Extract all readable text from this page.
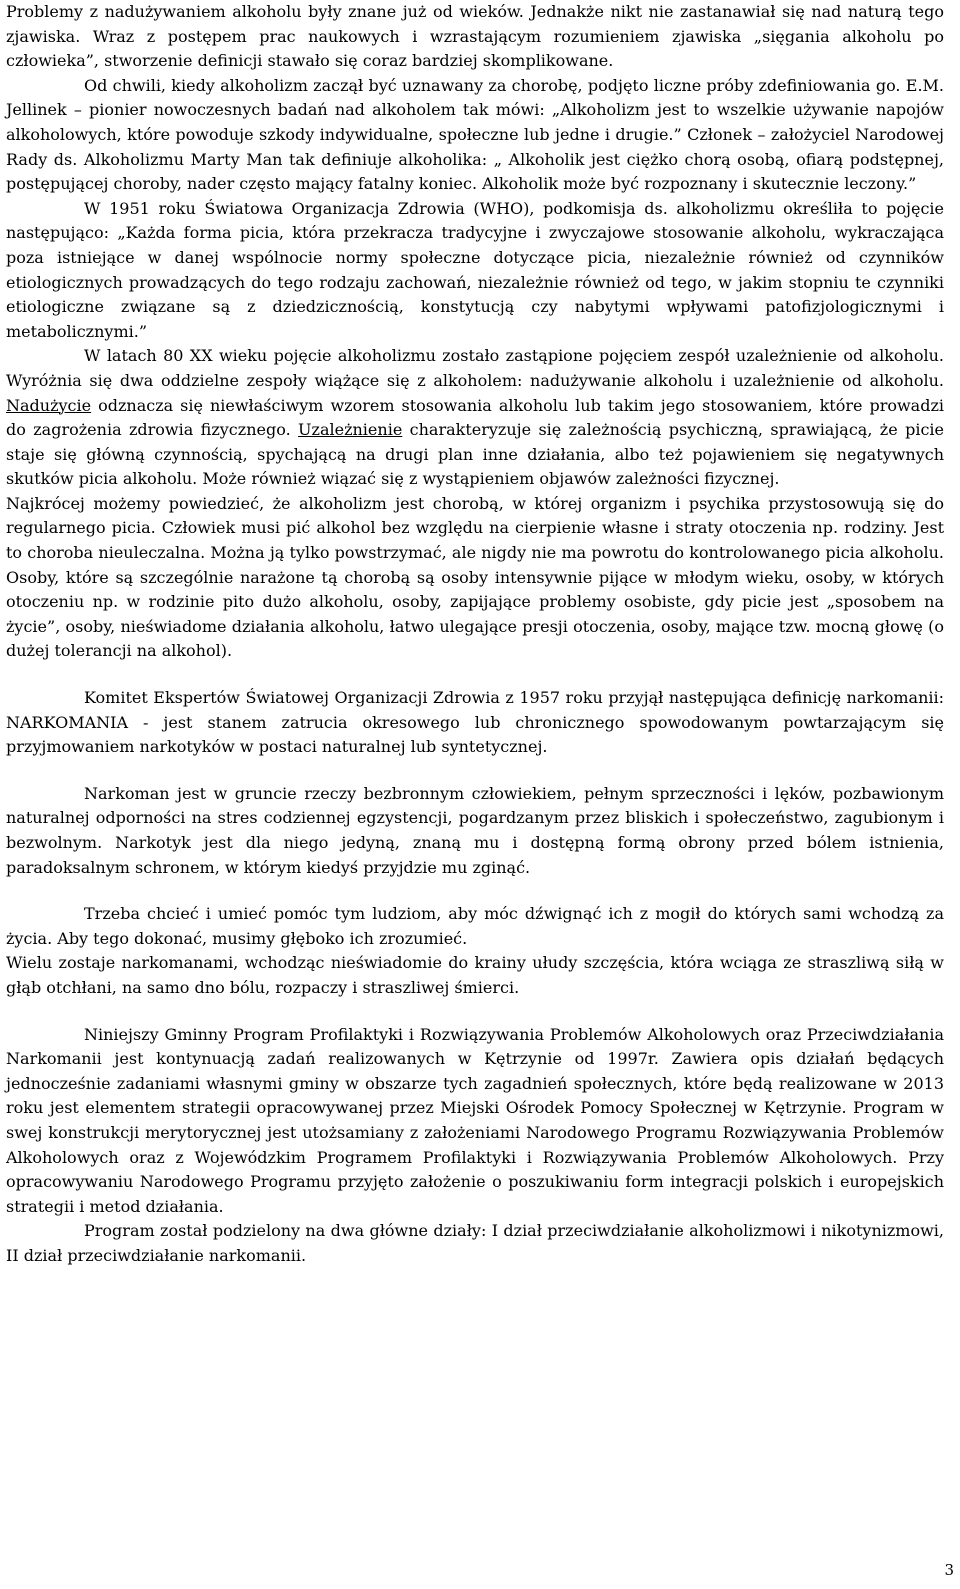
Problemy z nadużywaniem alkoholu były znane już od wieków. Jednakże nikt nie zastanawiał się nad naturą tego zjawiska. Wraz z postępem prac naukowych i wzrastającym rozumieniem zjawiska „sięgania alkoholu po człowieka”, stworzenie definicji stawało się coraz bardziej skomplikowane.

Od chwili, kiedy alkoholizm zaczął być uznawany za chorobę, podjęto liczne próby zdefiniowania go. E.M. Jellinek – pionier nowoczesnych badań nad alkoholem tak mówi: „Alkoholizm jest to wszelkie używanie napojów alkoholowych, które powoduje szkody indywidualne, społeczne lub jedne i drugie.” Członek – założyciel Narodowej Rady ds. Alkoholizmu Marty Man tak definiuje alkoholika: „ Alkoholik jest ciężko chorą osobą, ofiarą podstępnej, postępującej choroby, nader często mający fatalny koniec. Alkoholik może być rozpoznany i skutecznie leczony.”

W 1951 roku Światowa Organizacja Zdrowia (WHO), podkomisja ds. alkoholizmu określiła to pojęcie następująco: „Każda forma picia, która przekracza tradycyjne i zwyczajowe stosowanie alkoholu, wykraczająca poza istniejące w danej wspólnocie normy społeczne dotyczące picia, niezależnie również od czynników etiologicznych prowadzących do tego rodzaju zachowań, niezależnie również od tego, w jakim stopniu te czynniki etiologiczne związane są z dziedzicznością, konstytucją czy nabytymi wpływami patofizjologicznymi i metabolicznymi.”

W latach 80 XX wieku pojęcie alkoholizmu zostało zastąpione pojęciem zespół uzależnienie od alkoholu. Wyróżnia się dwa oddzielne zespoły wiążące się z alkoholem: nadużywanie alkoholu i uzależnienie od alkoholu. Nadużycie odznacza się niewłaściwym wzorem stosowania alkoholu lub takim jego stosowaniem, które prowadzi do zagrożenia zdrowia fizycznego. Uzależnienie charakteryzuje się zależnością psychiczną, sprawiającą, że picie staje się główną czynnością, spychającą na drugi plan inne działania, albo też pojawieniem się negatywnych skutków picia alkoholu. Może również wiązać się z wystąpieniem objawów zależności fizycznej.

Najkrócej możemy powiedzieć, że alkoholizm jest chorobą, w której organizm i psychika przystosowują się do regularnego picia. Człowiek musi pić alkohol bez względu na cierpienie własne i straty otoczenia np. rodziny. Jest to choroba nieuleczalna. Można ją tylko powstrzymać, ale nigdy nie ma powrotu do kontrolowanego picia alkoholu. Osoby, które są szczególnie narażone tą chorobą są osoby intensywnie pijące w młodym wieku, osoby, w których otoczeniu np. w rodzinie pito dużo alkoholu, osoby, zapijające problemy osobiste, gdy picie jest „sposobem na życie”, osoby, nieświadome działania alkoholu, łatwo ulegające presji otoczenia, osoby, mające tzw. mocną głowę (o dużej tolerancji na alkohol).

Komitet Ekspertów Światowej Organizacji Zdrowia z 1957 roku przyjął następująca definicję narkomanii: NARKOMANIA - jest stanem zatrucia okresowego lub chronicznego spowodowanym powtarzającym się przyjmowaniem narkotyków w postaci naturalnej lub syntetycznej.

Narkoman jest w gruncie rzeczy bezbronnym człowiekiem, pełnym sprzeczności i lęków, pozbawionym naturalnej odporności na stres codziennej egzystencji, pogardzanym przez bliskich i społeczeństwo, zagubionym i bezwolnym. Narkotyk jest dla niego jedyną, znaną mu i dostępną formą obrony przed bólem istnienia, paradoksalnym schronem, w którym kiedyś przyjdzie mu zginąć.

Trzeba chcieć i umieć pomóc tym ludziom, aby móc dźwignąć ich z mogił do których sami wchodzą za życia. Aby tego dokonać, musimy głęboko ich zrozumieć.

Wielu zostaje narkomanami, wchodząc nieświadomie do krainy ułudy szczęścia, która wciąga ze straszliwą siłą w głąb otchłani, na samo dno bólu, rozpaczy i straszliwej śmierci.

Niniejszy Gminny Program Profilaktyki i Rozwiązywania Problemów Alkoholowych oraz Przeciwdziałania Narkomanii jest kontynuacją zadań realizowanych w Kętrzynie od 1997r. Zawiera opis działań będących jednocześnie zadaniami własnymi gminy w obszarze tych zagadnień społecznych, które będą realizowane w 2013 roku jest elementem strategii opracowywanej przez Miejski Ośrodek Pomocy Społecznej w Kętrzynie. Program w swej konstrukcji merytorycznej jest utożsamiany z założeniami Narodowego Programu Rozwiązywania Problemów Alkoholowych oraz z Wojewódzkim Programem Profilaktyki i Rozwiązywania Problemów Alkoholowych. Przy opracowywaniu Narodowego Programu przyjęto założenie o poszukiwaniu form integracji polskich i europejskich strategii i metod działania.

Program został podzielony na dwa główne działy: I dział przeciwdziałanie alkoholizmowi i nikotynizmowi, II dział przeciwdziałanie narkomanii.

3
